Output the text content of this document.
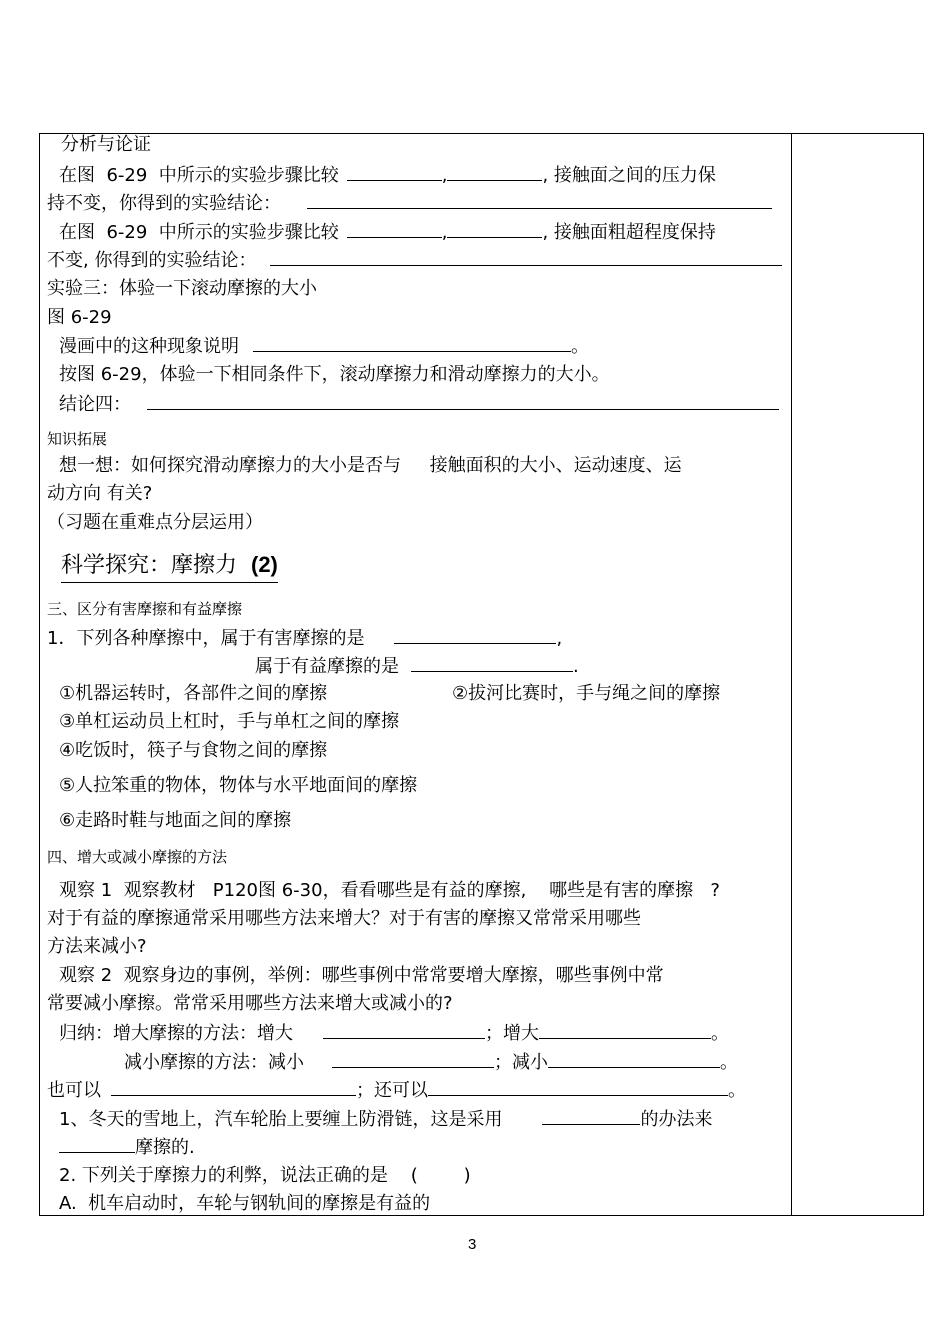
分析与论证
在图  6-29  中所示的实验步骤比较	,	, 接触面之间的压力保
持不变，你得到的实验结论：
在图  6-29  中所示的实验步骤比较	,	, 接触面粗超程度保持
不变, 你得到的实验结论：
实验三：体验一下滚动摩擦的大小
图 6-29
漫画中的这种现象说明	。
按图 6-29，体验一下相同条件下，滚动摩擦力和滑动摩擦力的大小。
结论四：
知识拓展
想一想：如何探究滑动摩擦力的大小是否与     接触面积的大小、运动速度、运
动方向 有关?
（习题在重难点分层运用）
科学探究：摩擦力  (2)
三、区分有害摩擦和有益摩擦
1．下列各种摩擦中，属于有害摩擦的是	,
属于有益摩擦的是	.
①机器运转时，各部件之间的摩擦	②拔河比赛时，手与绳之间的摩擦
③单杠运动员上杠时，手与单杠之间的摩擦
④吃饭时，筷子与食物之间的摩擦
⑤人拉笨重的物体，物体与水平地面间的摩擦
⑥走路时鞋与地面之间的摩擦
四、增大或减小摩擦的方法
观察 1  观察教材   P120图 6-30，看看哪些是有益的摩擦,    哪些是有害的摩擦   ?
对于有益的摩擦通常采用哪些方法来增大？对于有害的摩擦又常常采用哪些
方法来减小?
观察 2  观察身边的事例，举例：哪些事例中常常要增大摩擦，哪些事例中常
常要减小摩擦。常常采用哪些方法来增大或减小的?
归纳：增大摩擦的方法：增大	；增大	。
减小摩擦的方法：减小	；减小	。
也可以	；还可以	。
1、冬天的雪地上，汽车轮胎上要缠上防滑链，这是采用	的办法来
摩擦的.
2. 下列关于摩擦力的利弊，说法正确的是    (        )
A.  机车启动时，车轮与钢轨间的摩擦是有益的
3
